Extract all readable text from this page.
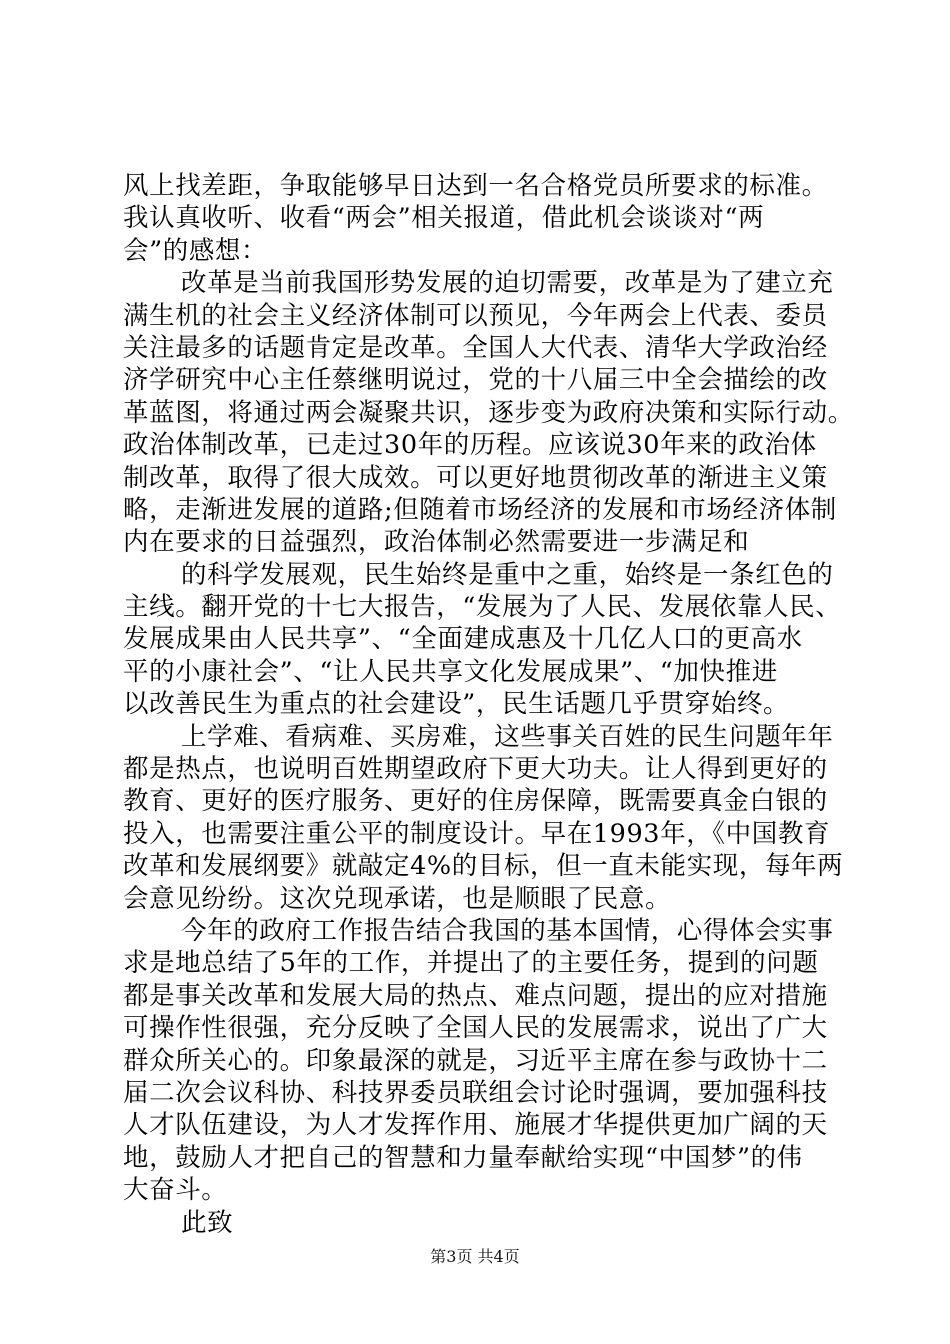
风上找差距，争取能够早日达到一名合格党员所要求的标准。
我认真收听、收看“两会”相关报道，借此机会谈谈对“两
会”的感想：
改革是当前我国形势发展的迫切需要，改革是为了建立充
满生机的社会主义经济体制可以预见，今年两会上代表、委员
关注最多的话题肯定是改革。全国人大代表、清华大学政治经
济学研究中心主任蔡继明说过，党的十八届三中全会描绘的改
革蓝图，将通过两会凝聚共识，逐步变为政府决策和实际行动。
政治体制改革，已走过30年的历程。应该说30年来的政治体
制改革，取得了很大成效。可以更好地贯彻改革的渐进主义策
略，走渐进发展的道路;但随着市场经济的发展和市场经济体制
内在要求的日益强烈，政治体制必然需要进一步满足和
的科学发展观，民生始终是重中之重，始终是一条红色的
主线。翻开党的十七大报告，“发展为了人民、发展依靠人民、
发展成果由人民共享”、“全面建成惠及十几亿人口的更高水
平的小康社会”、“让人民共享文化发展成果”、“加快推进
以改善民生为重点的社会建设”，民生话题几乎贯穿始终。
上学难、看病难、买房难，这些事关百姓的民生问题年年
都是热点，也说明百姓期望政府下更大功夫。让人得到更好的
教育、更好的医疗服务、更好的住房保障，既需要真金白银的
投入，也需要注重公平的制度设计。早在1993年，《中国教育
改革和发展纲要》就敲定4%的目标，但一直未能实现，每年两
会意见纷纷。这次兑现承诺，也是顺眼了民意。
今年的政府工作报告结合我国的基本国情，心得体会实事
求是地总结了5年的工作，并提出了的主要任务，提到的问题
都是事关改革和发展大局的热点、难点问题，提出的应对措施
可操作性很强，充分反映了全国人民的发展需求，说出了广大
群众所关心的。印象最深的就是，习近平主席在参与政协十二
届二次会议科协、科技界委员联组会讨论时强调，要加强科技
人才队伍建设，为人才发挥作用、施展才华提供更加广阔的天
地，鼓励人才把自己的智慧和力量奉献给实现“中国梦”的伟
大奋斗。
此致
第3页 共4页
